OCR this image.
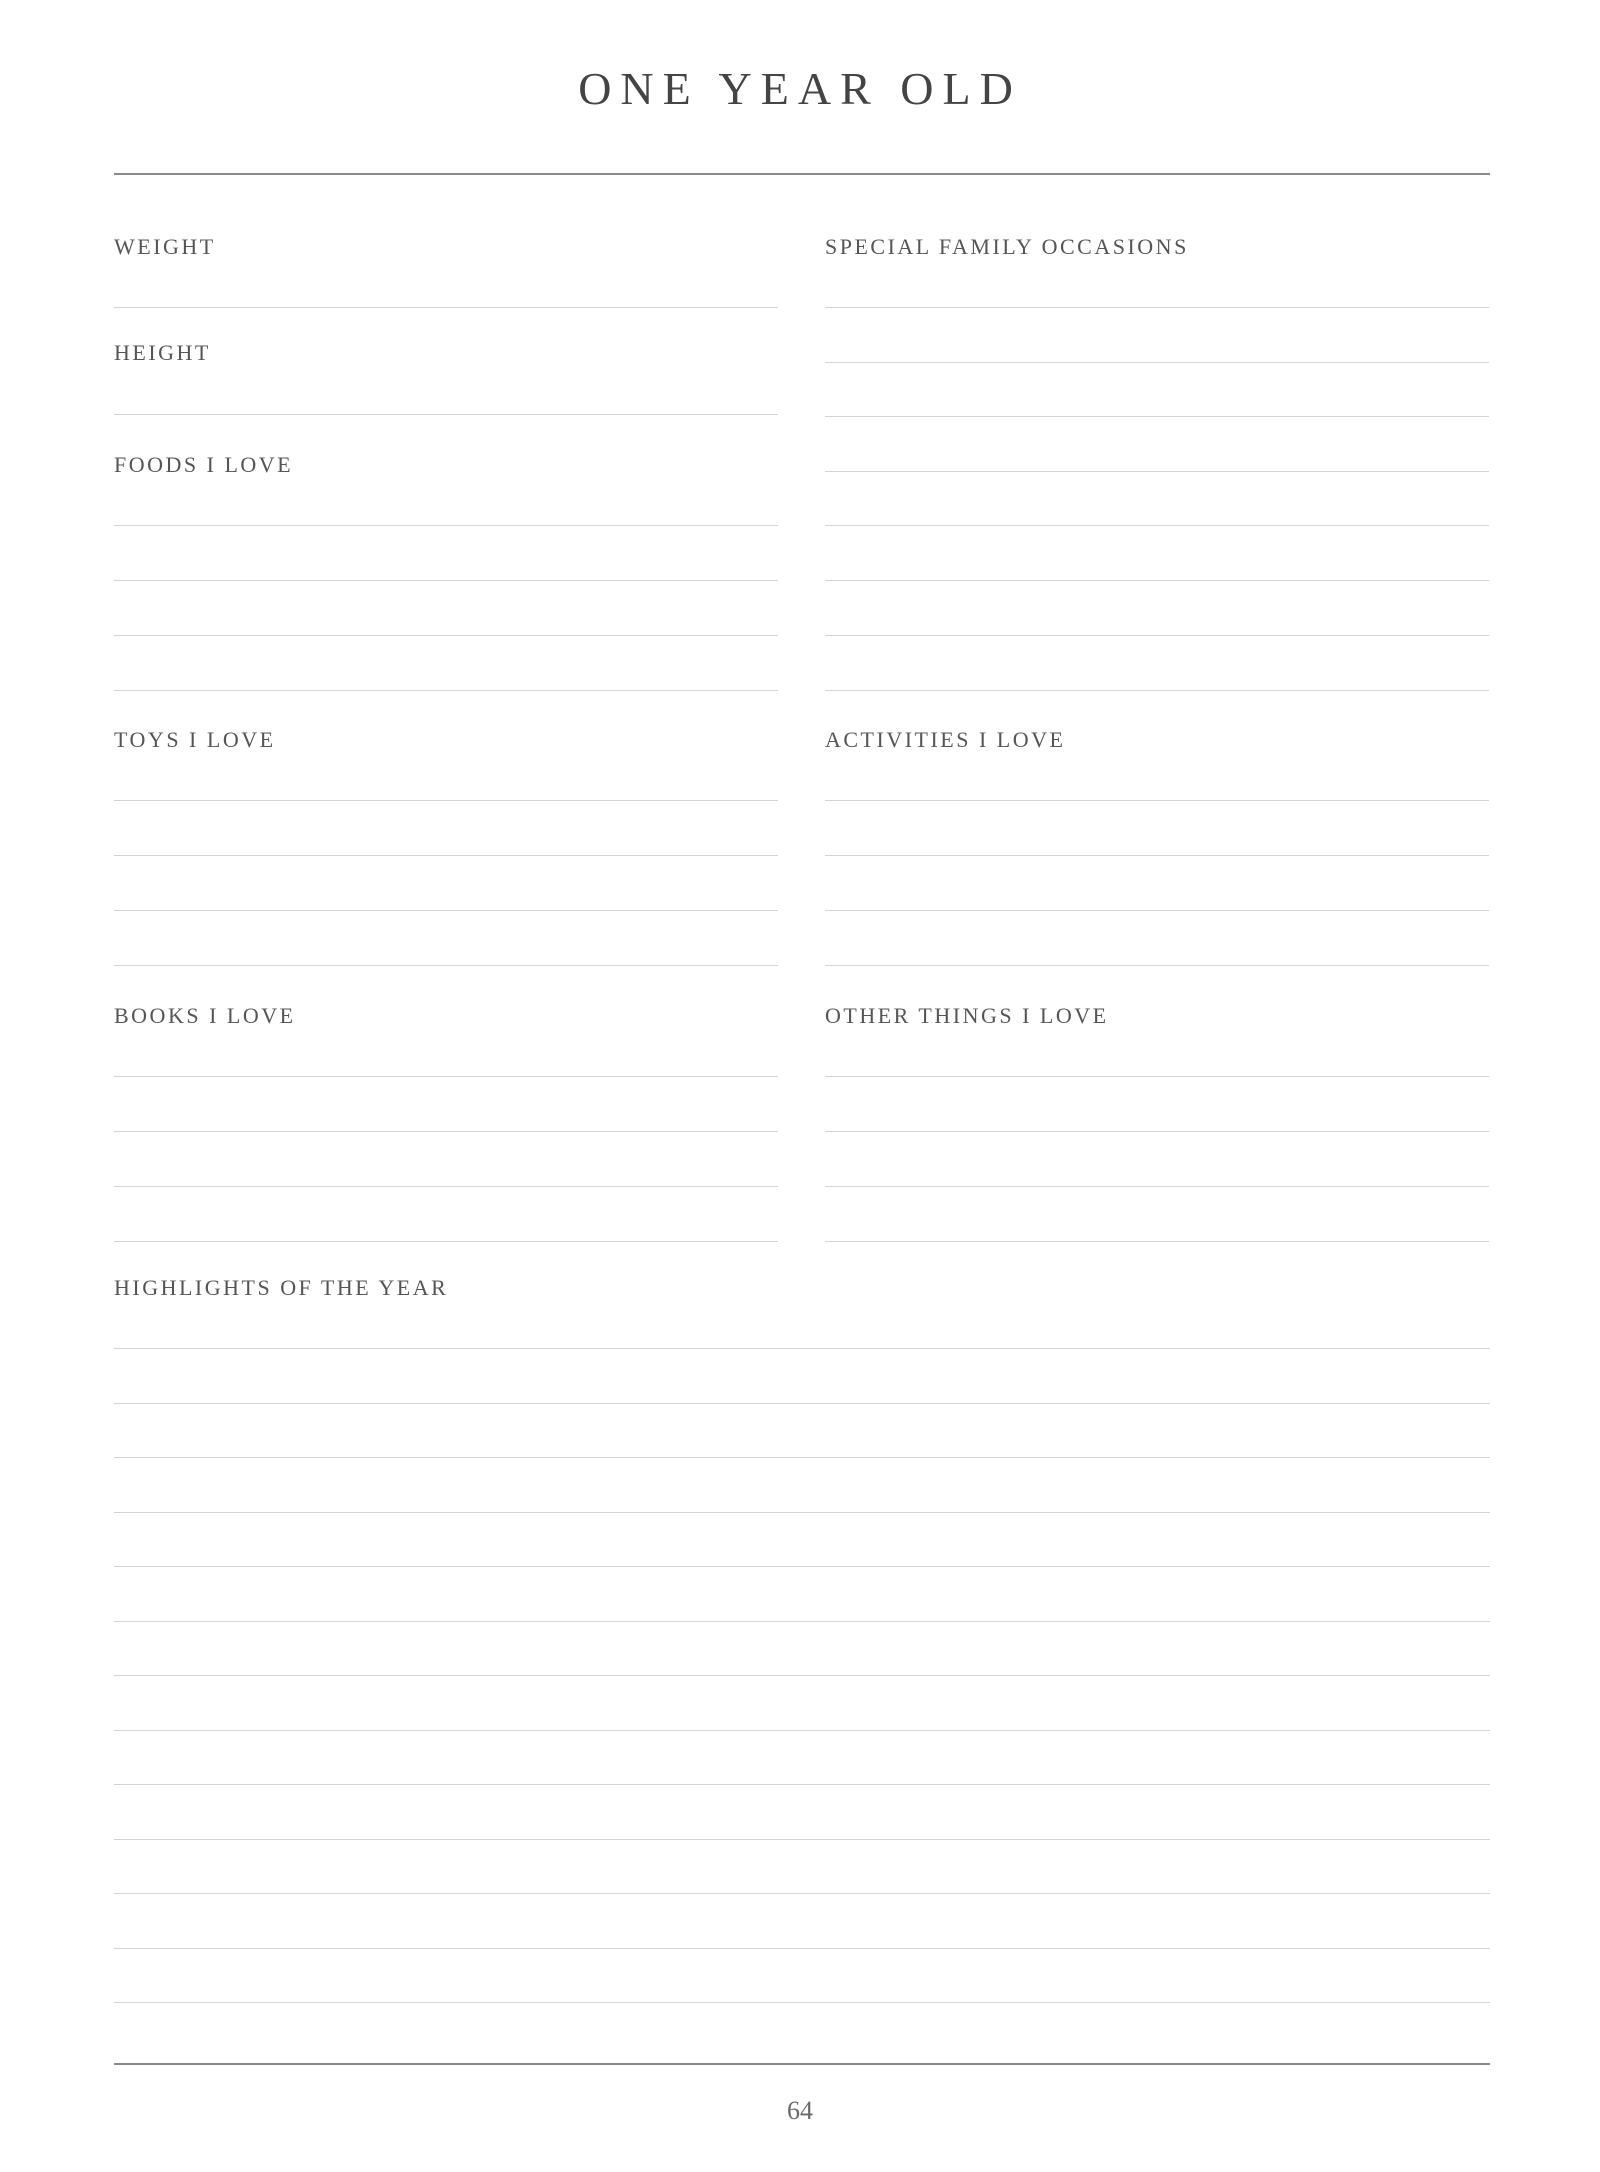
ONE YEAR OLD
WEIGHT
HEIGHT
FOODS I LOVE
TOYS I LOVE
BOOKS I LOVE
SPECIAL FAMILY OCCASIONS
ACTIVITIES I LOVE
OTHER THINGS I LOVE
HIGHLIGHTS OF THE YEAR
64
